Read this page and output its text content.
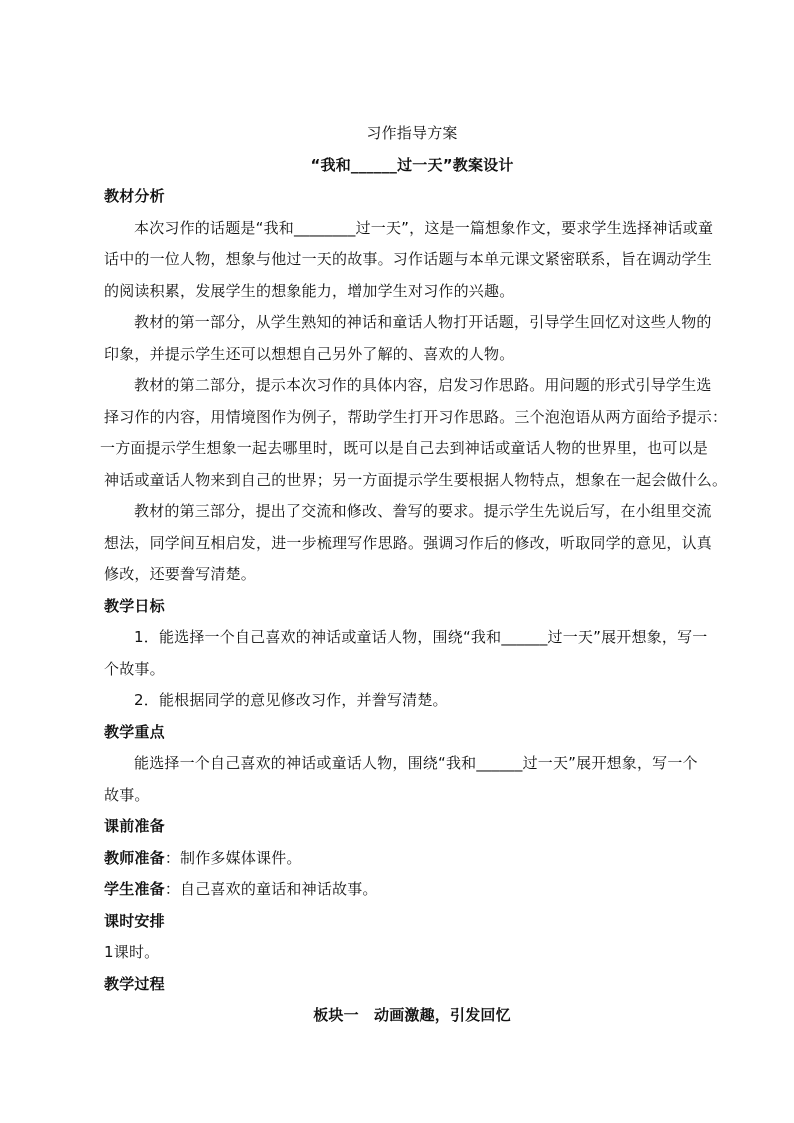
习作指导方案
“我和______过一天”教案设计
教材分析
本次习作的话题是“我和________过一天”，这是一篇想象作文，要求学生选择神话或童
话中的一位人物，想象与他过一天的故事。习作话题与本单元课文紧密联系，旨在调动学生
的阅读积累，发展学生的想象能力，增加学生对习作的兴趣。
教材的第一部分，从学生熟知的神话和童话人物打开话题，引导学生回忆对这些人物的
印象，并提示学生还可以想想自己另外了解的、喜欢的人物。
教材的第二部分，提示本次习作的具体内容，启发习作思路。用问题的形式引导学生选
择习作的内容，用情境图作为例子，帮助学生打开习作思路。三个泡泡语从两方面给予提示：
一方面提示学生想象一起去哪里时，既可以是自己去到神话或童话人物的世界里，也可以是
神话或童话人物来到自己的世界；另一方面提示学生要根据人物特点，想象在一起会做什么。
教材的第三部分，提出了交流和修改、誊写的要求。提示学生先说后写，在小组里交流
想法，同学间互相启发，进一步梳理写作思路。强调习作后的修改，听取同学的意见，认真
修改，还要誊写清楚。
教学日标
1．能选择一个自己喜欢的神话或童话人物，围绕“我和______过一天”展开想象，写一
个故事。
2．能根据同学的意见修改习作，并誊写清楚。
教学重点
能选择一个自己喜欢的神话或童话人物，围绕“我和______过一天”展开想象，写一个
故事。
课前准备
教师准备：制作多媒体课件。
学生准备：自己喜欢的童话和神话故事。
课时安排
1课时。
教学过程
板块一　动画激趣，引发回忆
